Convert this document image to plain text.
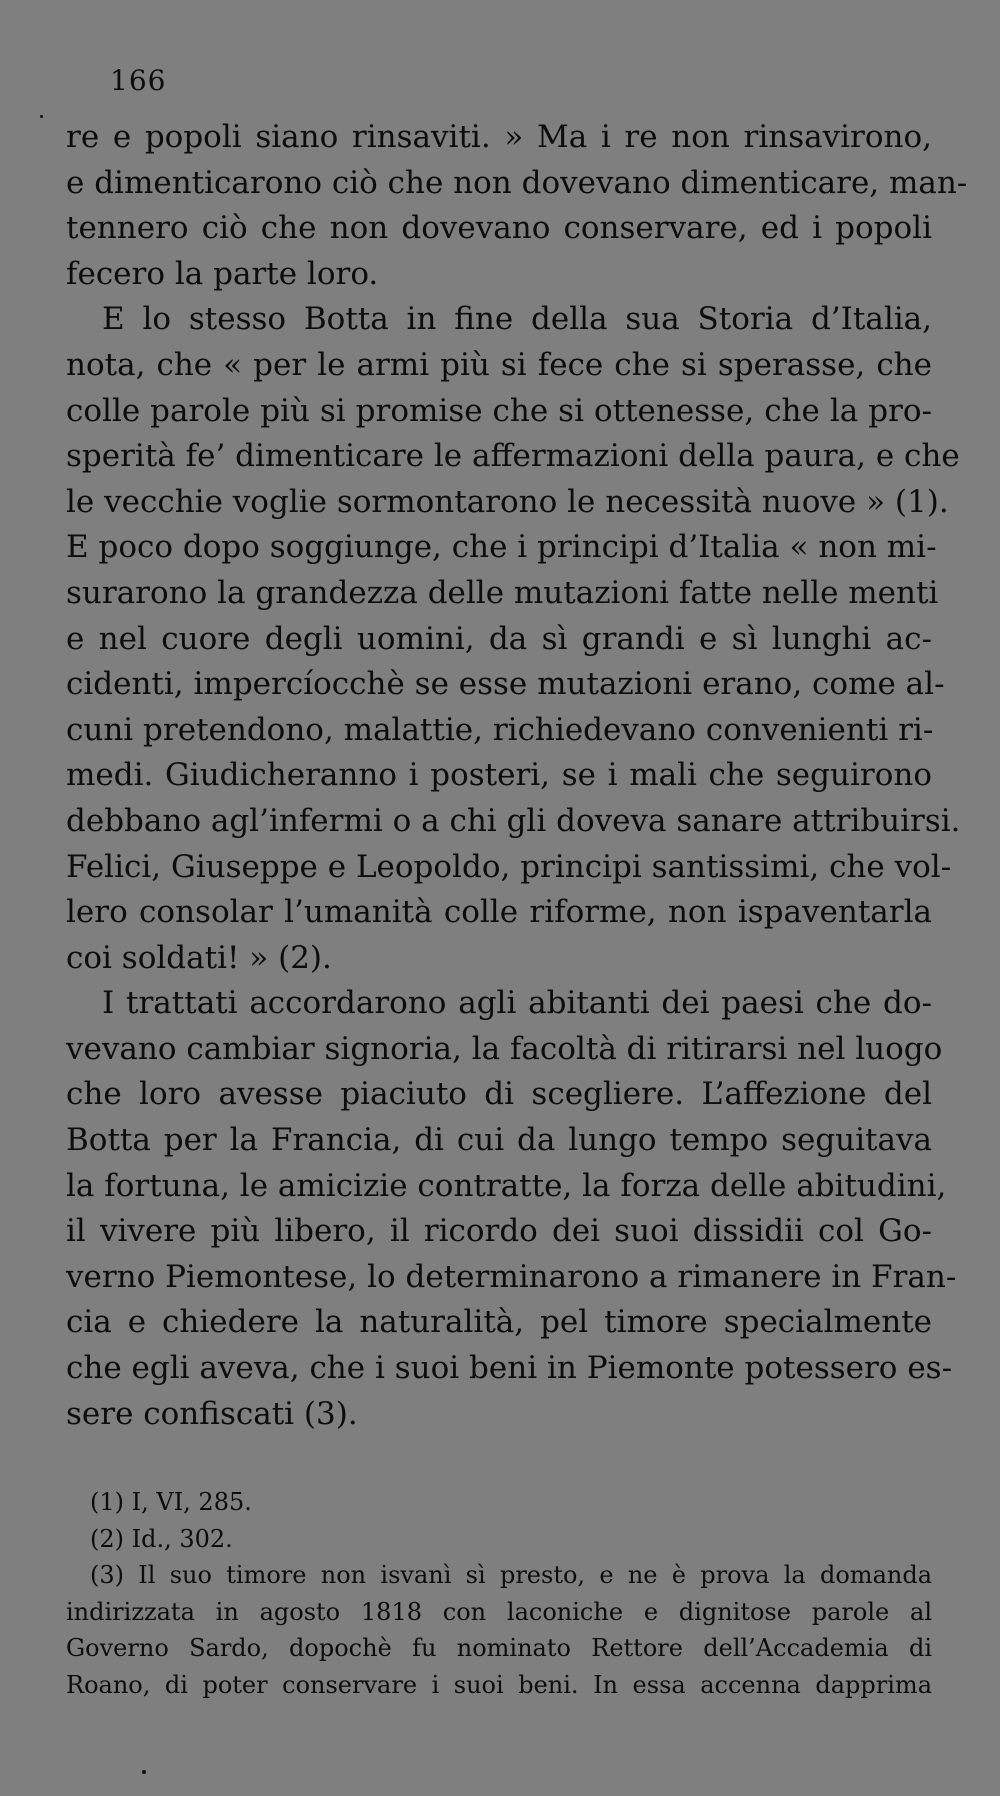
166
re e popoli siano rinsaviti. » Ma i re non rinsavirono,
e dimenticarono ciò che non dovevano dimenticare, man-
tennero ciò che non dovevano conservare, ed i popoli
fecero la parte loro.
E lo stesso Botta in fine della sua Storia d’Italia,
nota, che « per le armi più si fece che si sperasse, che
colle parole più si promise che si ottenesse, che la pro-
sperità fe’ dimenticare le affermazioni della paura, e che
le vecchie voglie sormontarono le necessità nuove » (1).
E poco dopo soggiunge, che i principi d’Italia « non mi-
surarono la grandezza delle mutazioni fatte nelle menti
e nel cuore degli uomini, da sì grandi e sì lunghi ac-
cidenti, impercíocchè se esse mutazioni erano, come al-
cuni pretendono, malattie, richiedevano convenienti ri-
medi. Giudicheranno i posteri, se i mali che seguirono
debbano agl’infermi o a chi gli doveva sanare attribuirsi.
Felici, Giuseppe e Leopoldo, principi santissimi, che vol-
lero consolar l’umanità colle riforme, non ispaventarla
coi soldati! » (2).
I trattati accordarono agli abitanti dei paesi che do-
vevano cambiar signoria, la facoltà di ritirarsi nel luogo
che loro avesse piaciuto di scegliere. L’affezione del
Botta per la Francia, di cui da lungo tempo seguitava
la fortuna, le amicizie contratte, la forza delle abitudini,
il vivere più libero, il ricordo dei suoi dissidii col Go-
verno Piemontese, lo determinarono a rimanere in Fran-
cia e chiedere la naturalità, pel timore specialmente
che egli aveva, che i suoi beni in Piemonte potessero es-
sere confiscati (3).
(1) I, VI, 285.
(2) Id., 302.
(3) Il suo timore non isvanì sì presto, e ne è prova la domanda
indirizzata in agosto 1818 con laconiche e dignitose parole al
Governo Sardo, dopochè fu nominato Rettore dell’Accademia di
Roano, di poter conservare i suoi beni. In essa accenna dapprima
